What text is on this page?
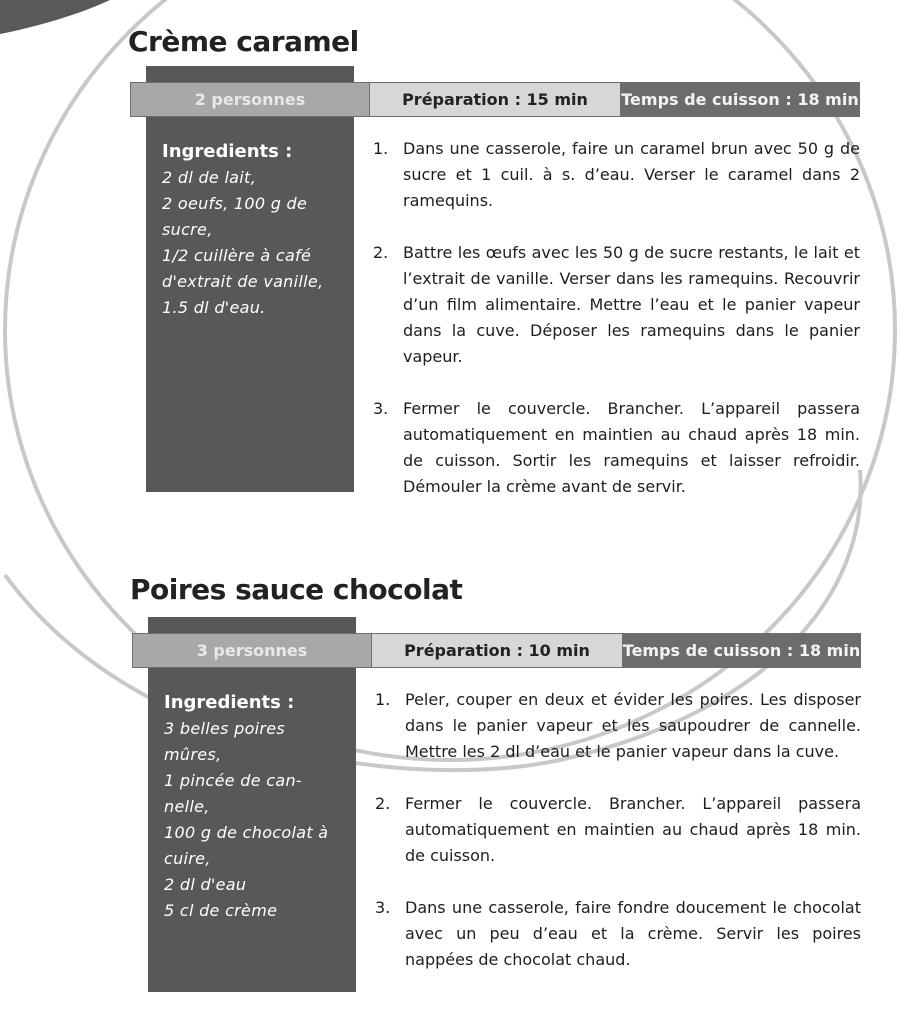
Crème caramel
2 personnes	Préparation : 15 min	Temps de cuisson : 18 min
Ingredients :
2 dl de lait,
2 oeufs, 100 g de
sucre,
1/2 cuillère à café
d'extrait de vanille,
1.5 dl d'eau.
1. Dans une casserole, faire un caramel brun avec 50 g de sucre et 1 cuil. à s. d’eau. Verser le caramel dans 2 ramequins.
2. Battre les œufs avec les 50 g de sucre restants, le lait et l’extrait de vanille. Verser dans les ramequins. Recouvrir d’un film alimentaire. Mettre l’eau et le panier vapeur dans la cuve. Déposer les ramequins dans le panier vapeur.
3. Fermer le couvercle. Brancher. L’appareil passera automatiquement en maintien au chaud après 18 min. de cuisson. Sortir les ramequins et laisser refroidir. Démouler la crème avant de servir.
Poires sauce chocolat
3 personnes	Préparation : 10 min	Temps de cuisson : 18 min
Ingredients :
3 belles poires
mûres,
1 pincée de can-
nelle,
100 g de chocolat à
cuire,
2 dl d'eau
5 cl de crème
1. Peler, couper en deux et évider les poires. Les disposer dans le panier vapeur et les saupoudrer de cannelle. Mettre les 2 dl d’eau et le panier vapeur dans la cuve.
2. Fermer le couvercle. Brancher. L’appareil passera automatiquement en maintien au chaud après 18 min. de cuisson.
3. Dans une casserole, faire fondre doucement le chocolat avec un peu d’eau et la crème. Servir les poires nappées de chocolat chaud.
